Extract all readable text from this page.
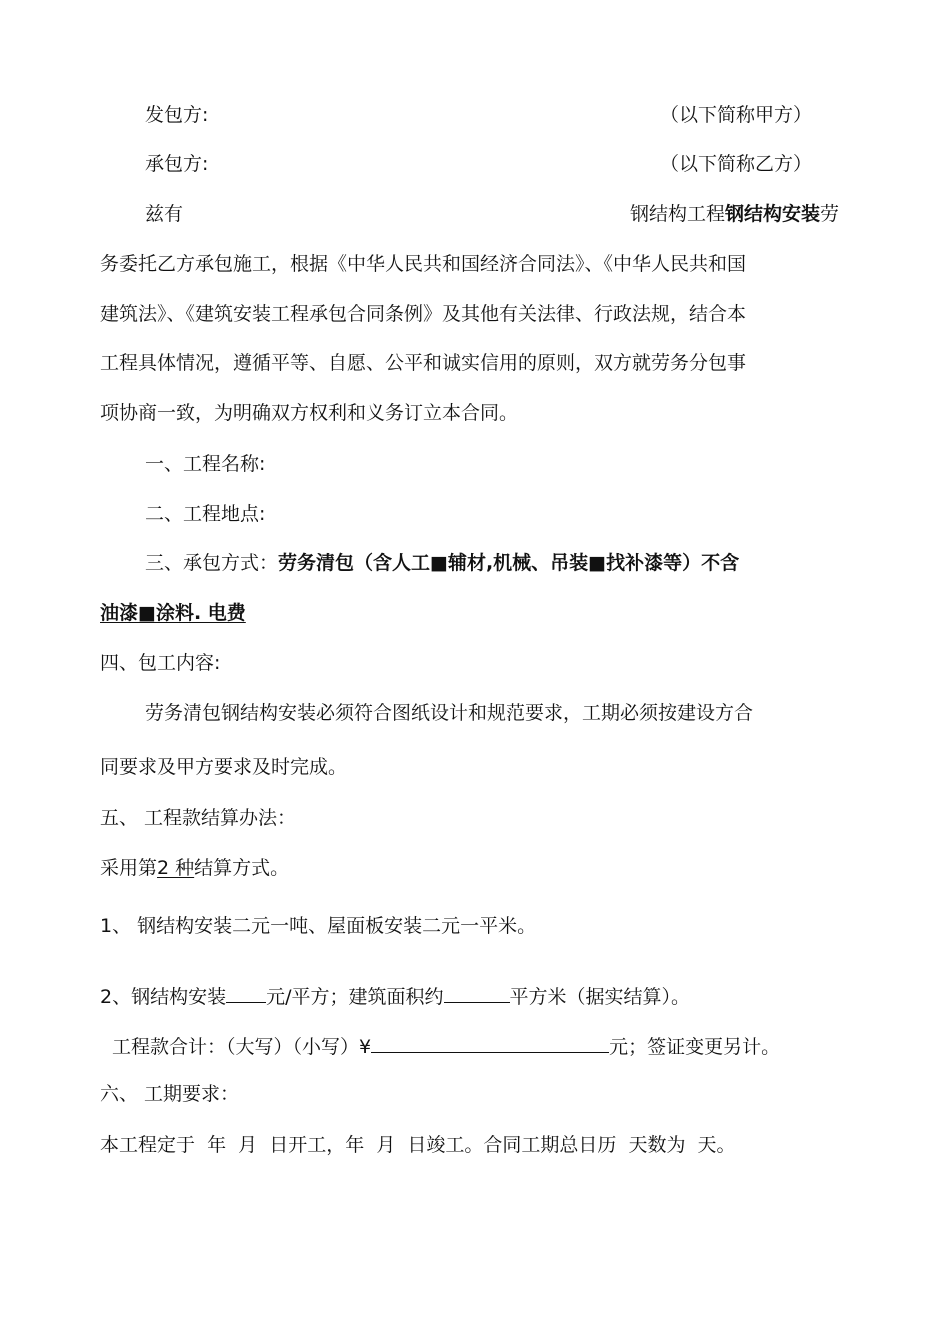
发包方:	（以下简称甲方）
承包方:	（以下简称乙方）
兹有	钢结构工程钢结构安装劳
务委托乙方承包施工，根据《中华人民共和国经济合同法》、《中华人民共和国
建筑法》、《建筑安装工程承包合同条例》及其他有关法律、行政法规，结合本
工程具体情况，遵循平等、自愿、公平和诚实信用的原则，双方就劳务分包事
项协商一致，为明确双方权利和义务订立本合同。
一、工程名称:
二、工程地点:
三、承包方式：劳务清包（含人工■辅材,机械、吊装■找补漆等）不含
油漆■涂料. 电费
四、包工内容:
劳务清包钢结构安装必须符合图纸设计和规范要求，工期必须按建设方合
同要求及甲方要求及时完成。
五、 工程款结算办法：
采用第2 种结算方式。
1、 钢结构安装二元一吨、屋面板安装二元一平米。
2、钢结构安装 元/平方；建筑面积约	平方米（据实结算）。
工程款合计：（大写）（小写）¥	元；签证变更另计。
六、 工期要求：
本工程定于  年  月  日开工，年  月  日竣工。合同工期总日历  天数为  天。
